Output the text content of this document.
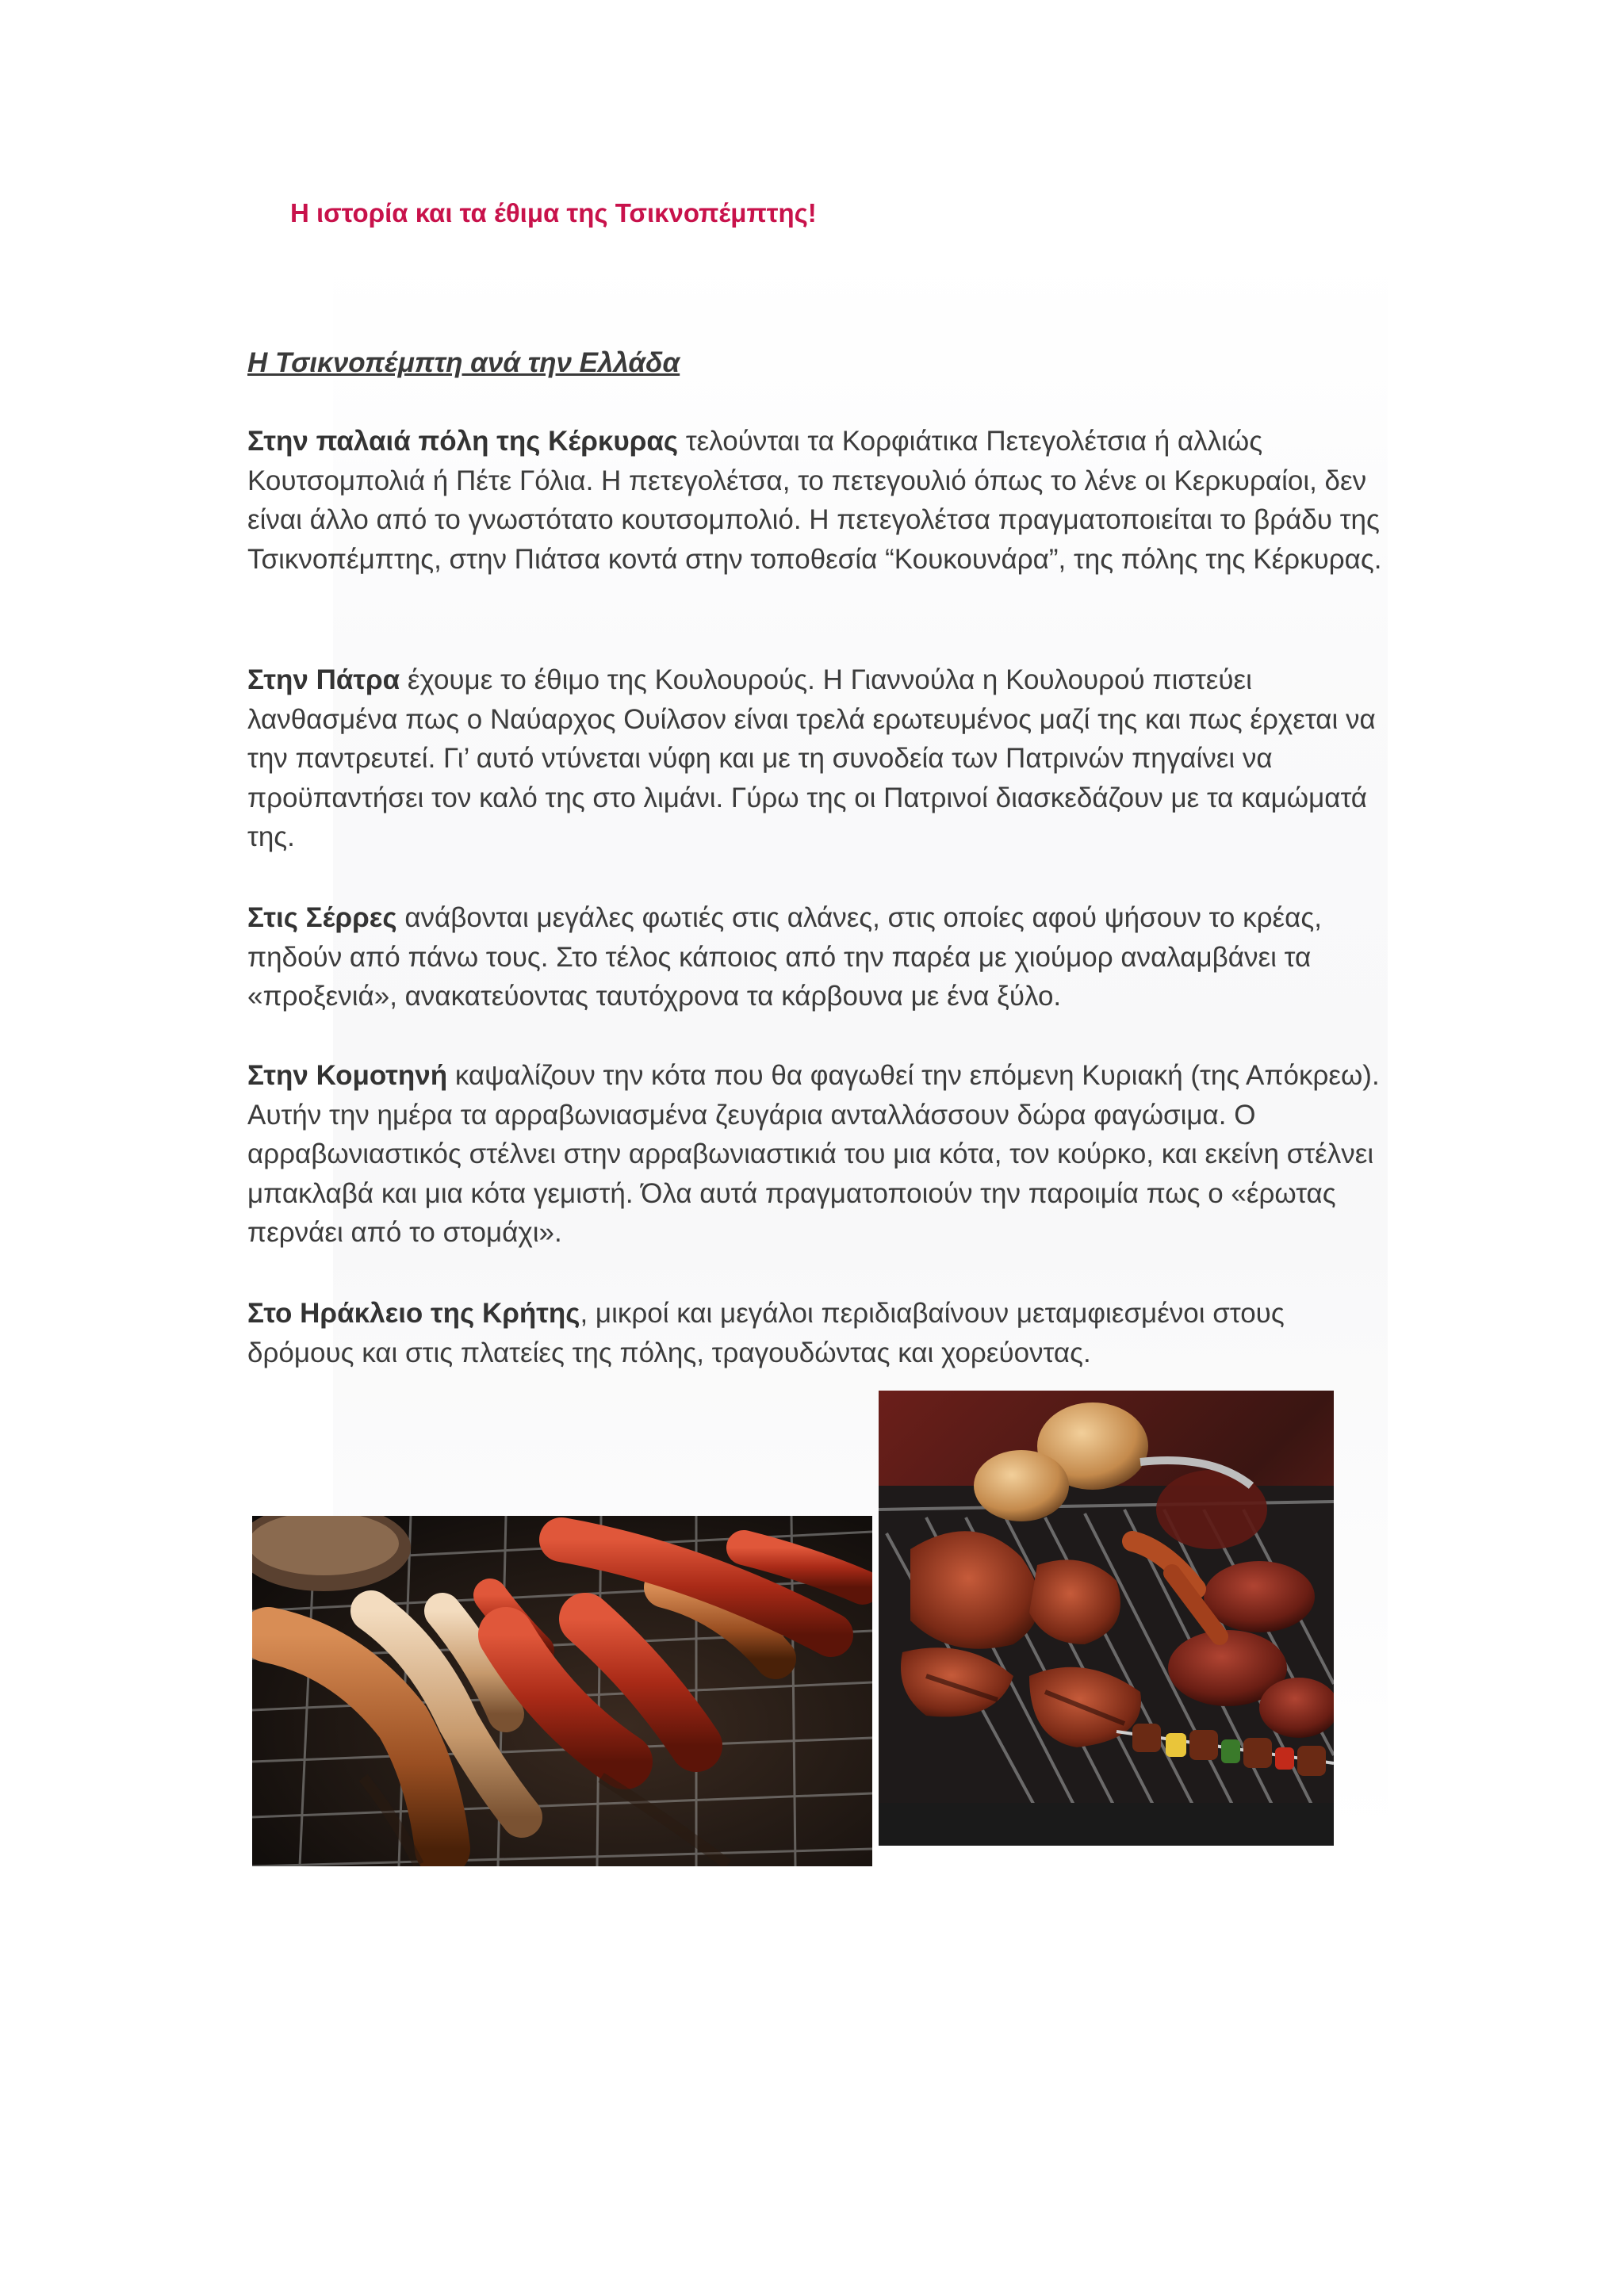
Η ιστορία και τα έθιμα της Τσικνοπέμπτης!
Η Τσικνοπέμπτη ανά την Ελλάδα
Στην παλαιά πόλη της Κέρκυρας τελούνται τα Κορφιάτικα Πετεγολέτσια ή αλλιώς Κουτσομπολιά ή Πέτε Γόλια. Η πετεγολέτσα, το πετεγουλιό όπως το λένε οι Κερκυραίοι, δεν είναι άλλο από το γνωστότατο κουτσομπολιό. Η πετεγολέτσα πραγματοποιείται το βράδυ της Τσικνοπέμπτης, στην Πιάτσα κοντά στην τοποθεσία “Κουκουνάρα”, της πόλης της Κέρκυρας.
Στην Πάτρα έχουμε το έθιμο της Κουλουρούς. Η Γιαννούλα η Κουλουρού πιστεύει λανθασμένα πως ο Ναύαρχος Ουίλσον είναι τρελά ερωτευμένος μαζί της και πως έρχεται να την παντρευτεί. Γι’ αυτό ντύνεται νύφη και με τη συνοδεία των Πατρινών πηγαίνει να προϋπαντήσει τον καλό της στο λιμάνι. Γύρω της οι Πατρινοί διασκεδάζουν με τα καμώματά της.
Στις Σέρρες ανάβονται μεγάλες φωτιές στις αλάνες, στις οποίες αφού ψήσουν το κρέας, πηδούν από πάνω τους. Στο τέλος κάποιος από την παρέα με χιούμορ αναλαμβάνει τα «προξενιά», ανακατεύοντας ταυτόχρονα τα κάρβουνα με ένα ξύλο.
Στην Κομοτηνή καψαλίζουν την κότα που θα φαγωθεί την επόμενη Κυριακή (της Απόκρεω). Αυτήν την ημέρα τα αρραβωνιασμένα ζευγάρια ανταλλάσσουν δώρα φαγώσιμα. Ο αρραβωνιαστικός στέλνει στην αρραβωνιαστικιά του μια κότα, τον κούρκο, και εκείνη στέλνει μπακλαβά και μια κότα γεμιστή. Όλα αυτά πραγματοποιούν την παροιμία πως ο «έρωτας περνάει από το στομάχι».
Στο Ηράκλειο της Κρήτης, μικροί και μεγάλοι περιδιαβαίνουν μεταμφιεσμένοι στους δρόμους και στις πλατείες της πόλης, τραγουδώντας και χορεύοντας.
